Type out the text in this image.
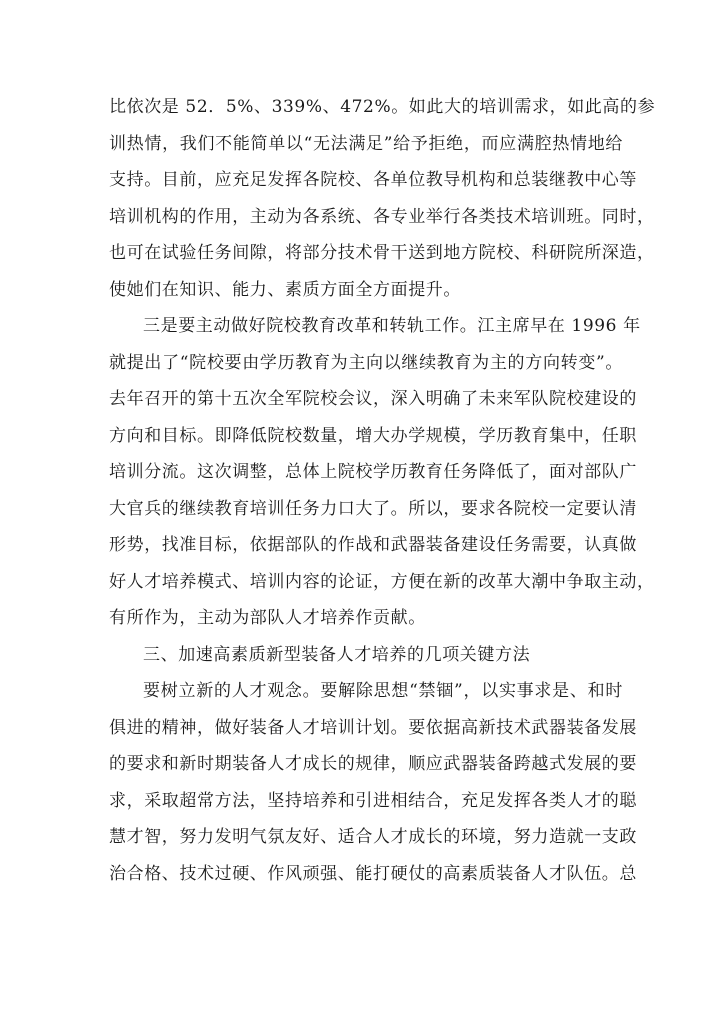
比依次是 52．5%、339%、472%。如此大的培训需求，如此高的参
训热情，我们不能简单以“无法满足”给予拒绝，而应满腔热情地给
支持。目前，应充足发挥各院校、各单位教导机构和总装继教中心等
培训机构的作用，主动为各系统、各专业举行各类技术培训班。同时，
也可在试验任务间隙，将部分技术骨干送到地方院校、科研院所深造，
使她们在知识、能力、素质方面全方面提升。

三是要主动做好院校教育改革和转轨工作。江主席早在 1996 年
就提出了“院校要由学历教育为主向以继续教育为主的方向转变”。
去年召开的第十五次全军院校会议，深入明确了未来军队院校建设的
方向和目标。即降低院校数量，增大办学规模，学历教育集中，任职
培训分流。这次调整，总体上院校学历教育任务降低了，面对部队广
大官兵的继续教育培训任务力口大了。所以，要求各院校一定要认清
形势，找准目标，依据部队的作战和武器装备建设任务需要，认真做
好人才培养模式、培训内容的论证，方便在新的改革大潮中争取主动，
有所作为，主动为部队人才培养作贡献。

三、加速高素质新型装备人才培养的几项关键方法

要树立新的人才观念。要解除思想“禁锢”，以实事求是、和时
俱进的精神，做好装备人才培训计划。要依据高新技术武器装备发展
的要求和新时期装备人才成长的规律，顺应武器装备跨越式发展的要
求，采取超常方法，坚持培养和引进相结合，充足发挥各类人才的聪
慧才智，努力发明气氛友好、适合人才成长的环境，努力造就一支政
治合格、技术过硬、作风顽强、能打硬仗的高素质装备人才队伍。总
